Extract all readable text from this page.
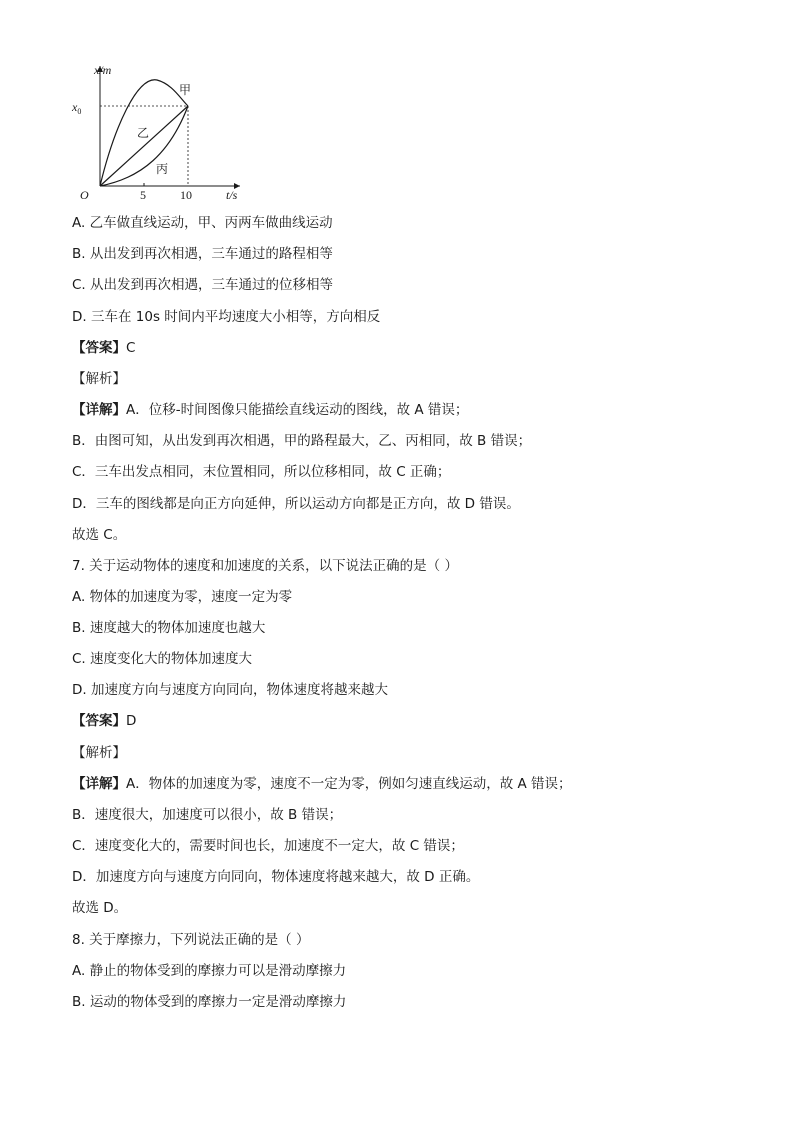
x/m
t/s
$x_0$
O	5	10
甲
乙
丙
A. 乙车做直线运动，甲、丙两车做曲线运动
B. 从出发到再次相遇，三车通过的路程相等
C. 从出发到再次相遇，三车通过的位移相等
D. 三车在 10s 时间内平均速度大小相等，方向相反
【答案】C
【解析】
【详解】A．位移-时间图像只能描绘直线运动的图线，故 A 错误；
B．由图可知，从出发到再次相遇，甲的路程最大，乙、丙相同，故 B 错误；
C．三车出发点相同，末位置相同，所以位移相同，故 C 正确；
D．三车的图线都是向正方向延伸，所以运动方向都是正方向，故 D 错误。
故选 C。
7. 关于运动物体的速度和加速度的关系，以下说法正确的是（ ）
A. 物体的加速度为零，速度一定为零
B. 速度越大的物体加速度也越大
C. 速度变化大的物体加速度大
D. 加速度方向与速度方向同向，物体速度将越来越大
【答案】D
【解析】
【详解】A．物体的加速度为零，速度不一定为零，例如匀速直线运动，故 A 错误；
B．速度很大，加速度可以很小，故 B 错误；
C．速度变化大的，需要时间也长，加速度不一定大，故 C 错误；
D．加速度方向与速度方向同向，物体速度将越来越大，故 D 正确。
故选 D。
8. 关于摩擦力，下列说法正确的是（ ）
A. 静止的物体受到的摩擦力可以是滑动摩擦力
B. 运动的物体受到的摩擦力一定是滑动摩擦力
